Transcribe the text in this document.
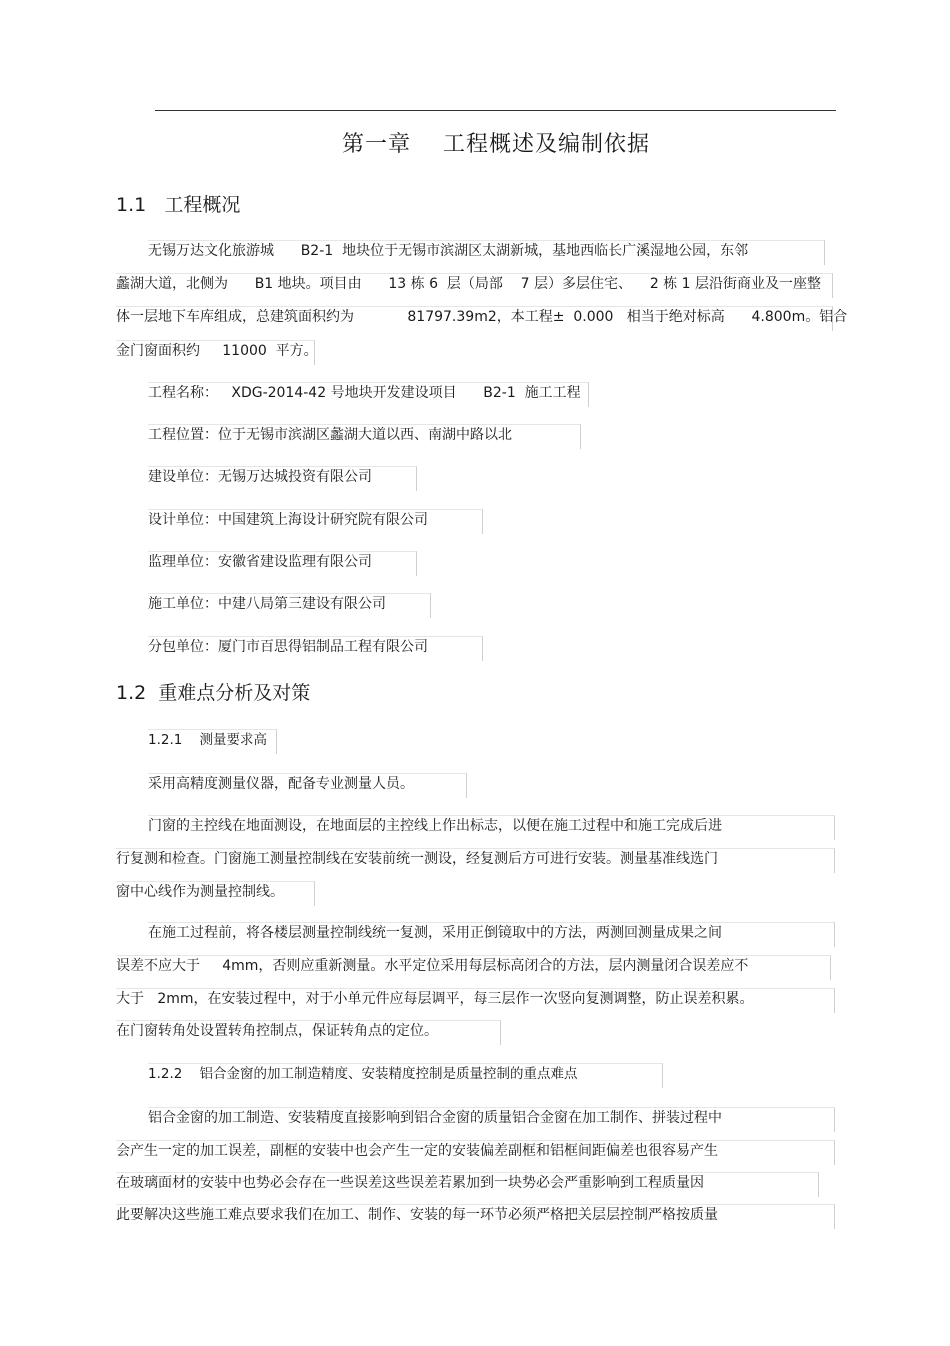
第一章    工程概述及编制依据
1.1   工程概况
无锡万达文化旅游城      B2-1  地块位于无锡市滨湖区太湖新城，基地西临长广溪湿地公园，东邻
蠡湖大道，北侧为      B1 地块。项目由      13 栋 6  层（局部    7 层）多层住宅、    2 栋 1 层沿街商业及一座整
体一层地下车库组成，总建筑面积约为            81797.39m2，本工程±  0.000   相当于绝对标高      4.800m。铝合
金门窗面积约     11000  平方。
工程名称：   XDG-2014-42 号地块开发建设项目      B2-1  施工工程
工程位置：位于无锡市滨湖区蠡湖大道以西、南湖中路以北
建设单位：无锡万达城投资有限公司
设计单位：中国建筑上海设计研究院有限公司
监理单位：安徽省建设监理有限公司
施工单位：中建八局第三建设有限公司
分包单位：厦门市百思得铝制品工程有限公司
1.2  重难点分析及对策
1.2.1    测量要求高
采用高精度测量仪器，配备专业测量人员。
门窗的主控线在地面测设，在地面层的主控线上作出标志，以便在施工过程中和施工完成后进
行复测和检查。门窗施工测量控制线在安装前统一测设，经复测后方可进行安装。测量基准线选门
窗中心线作为测量控制线。
在施工过程前，将各楼层测量控制线统一复测，采用正倒镜取中的方法，两测回测量成果之间
误差不应大于     4mm，否则应重新测量。水平定位采用每层标高闭合的方法，层内测量闭合误差应不
大于   2mm，在安装过程中，对于小单元件应每层调平，每三层作一次竖向复测调整，防止误差积累。
在门窗转角处设置转角控制点，保证转角点的定位。
1.2.2    铝合金窗的加工制造精度、安装精度控制是质量控制的重点难点
铝合金窗的加工制造、安装精度直接影响到铝合金窗的质量铝合金窗在加工制作、拼装过程中
会产生一定的加工误差，副框的安装中也会产生一定的安装偏差副框和铝框间距偏差也很容易产生
在玻璃面材的安装中也势必会存在一些误差这些误差若累加到一块势必会严重影响到工程质量因
此要解决这些施工难点要求我们在加工、制作、安装的每一环节必须严格把关层层控制严格按质量
